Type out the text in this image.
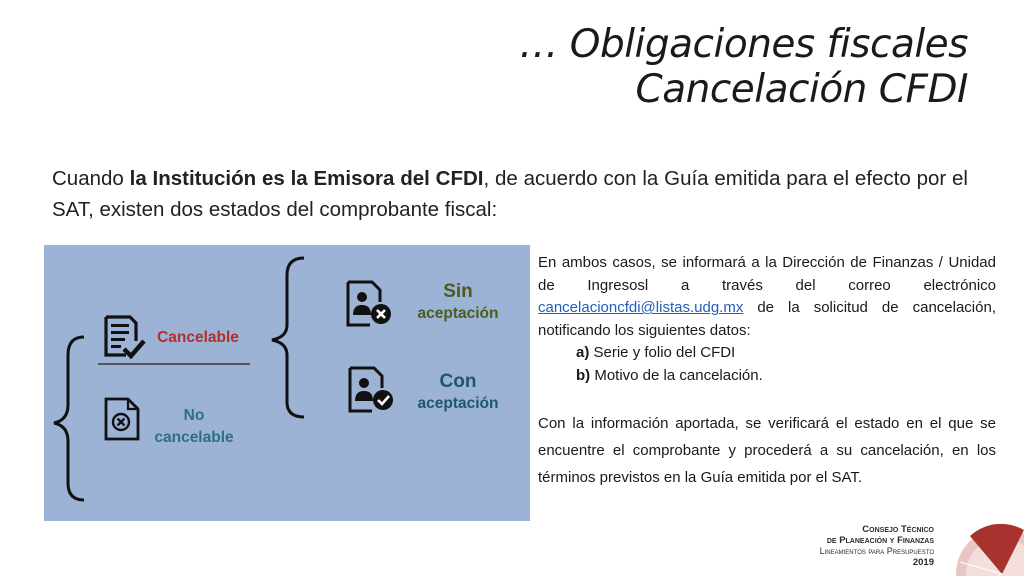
… Obligaciones fiscales
Cancelación CFDI
Cuando la Institución es la Emisora del CFDI, de acuerdo con la Guía emitida para el efecto por el SAT, existen dos estados del comprobante fiscal:
Cancelable
No
cancelable
Sin
aceptación
Con
aceptación

En ambos casos, se informará a la Dirección de Finanzas / Unidad de Ingresosl a través del correo electrónico cancelacioncfdi@listas.udg.mx de la solicitud de cancelación, notificando los siguientes datos:

a) Serie y folio del CFDI
b) Motivo de la cancelación.

Con la información aportada, se verificará el estado en el que se encuentre el comprobante y procederá a su cancelación, en los términos previstos en la Guía emitida por el SAT.

Consejo Técnico
de Planeación y Finanzas
Lineamientos para Presupuesto
2019
